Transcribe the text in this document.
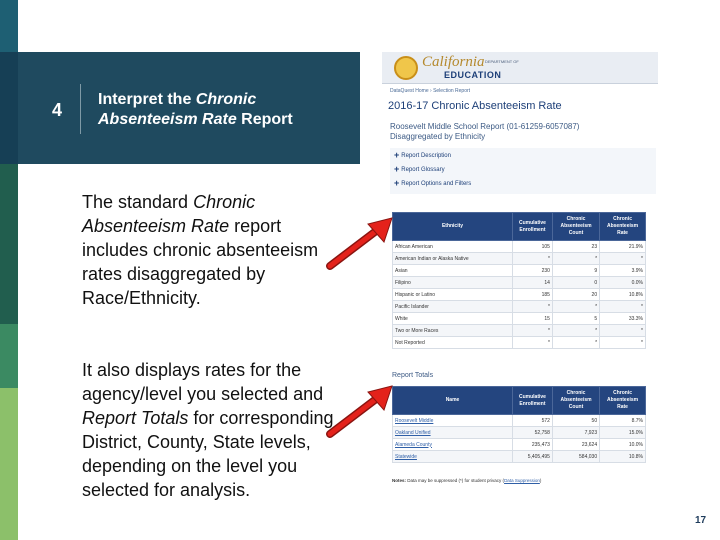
4
Interpret the Chronic Absenteeism Rate Report
The standard Chronic Absenteeism Rate report includes chronic absenteeism rates disaggregated by Race/Ethnicity.
It also displays rates for the agency/level you selected and Report Totals for corresponding District, County, State levels, depending on the level you selected for analysis.
California DEPARTMENT OF
EDUCATION
DataQuest Home › Selection Report
2016-17 Chronic Absenteeism Rate
Roosevelt Middle School Report (01-61259-6057087)
Disaggregated by Ethnicity
+ Report Description
+ Report Glossary
+ Report Options and Filters
Ethnicity	Cumulative Enrollment	Chronic Absenteeism Count	Chronic Absenteeism Rate
African American	105	23	21.9%
American Indian or Alaska Native	*	*	*
Asian	230	9	3.9%
Filipino	14	0	0.0%
Hispanic or Latino	185	20	10.8%
Pacific Islander	*	*	*
White	15	5	33.3%
Two or More Races	*	*	*
Not Reported	*	*	*
Report Totals
Name	Cumulative Enrollment	Chronic Absenteeism Count	Chronic Absenteeism Rate
Roosevelt Middle	572	50	8.7%
Oakland Unified	52,758	7,923	15.0%
Alameda County	235,473	23,624	10.0%
Statewide	5,405,495	584,030	10.8%
Notes: Data may be suppressed (*) for student privacy (Data Suppression)
17
